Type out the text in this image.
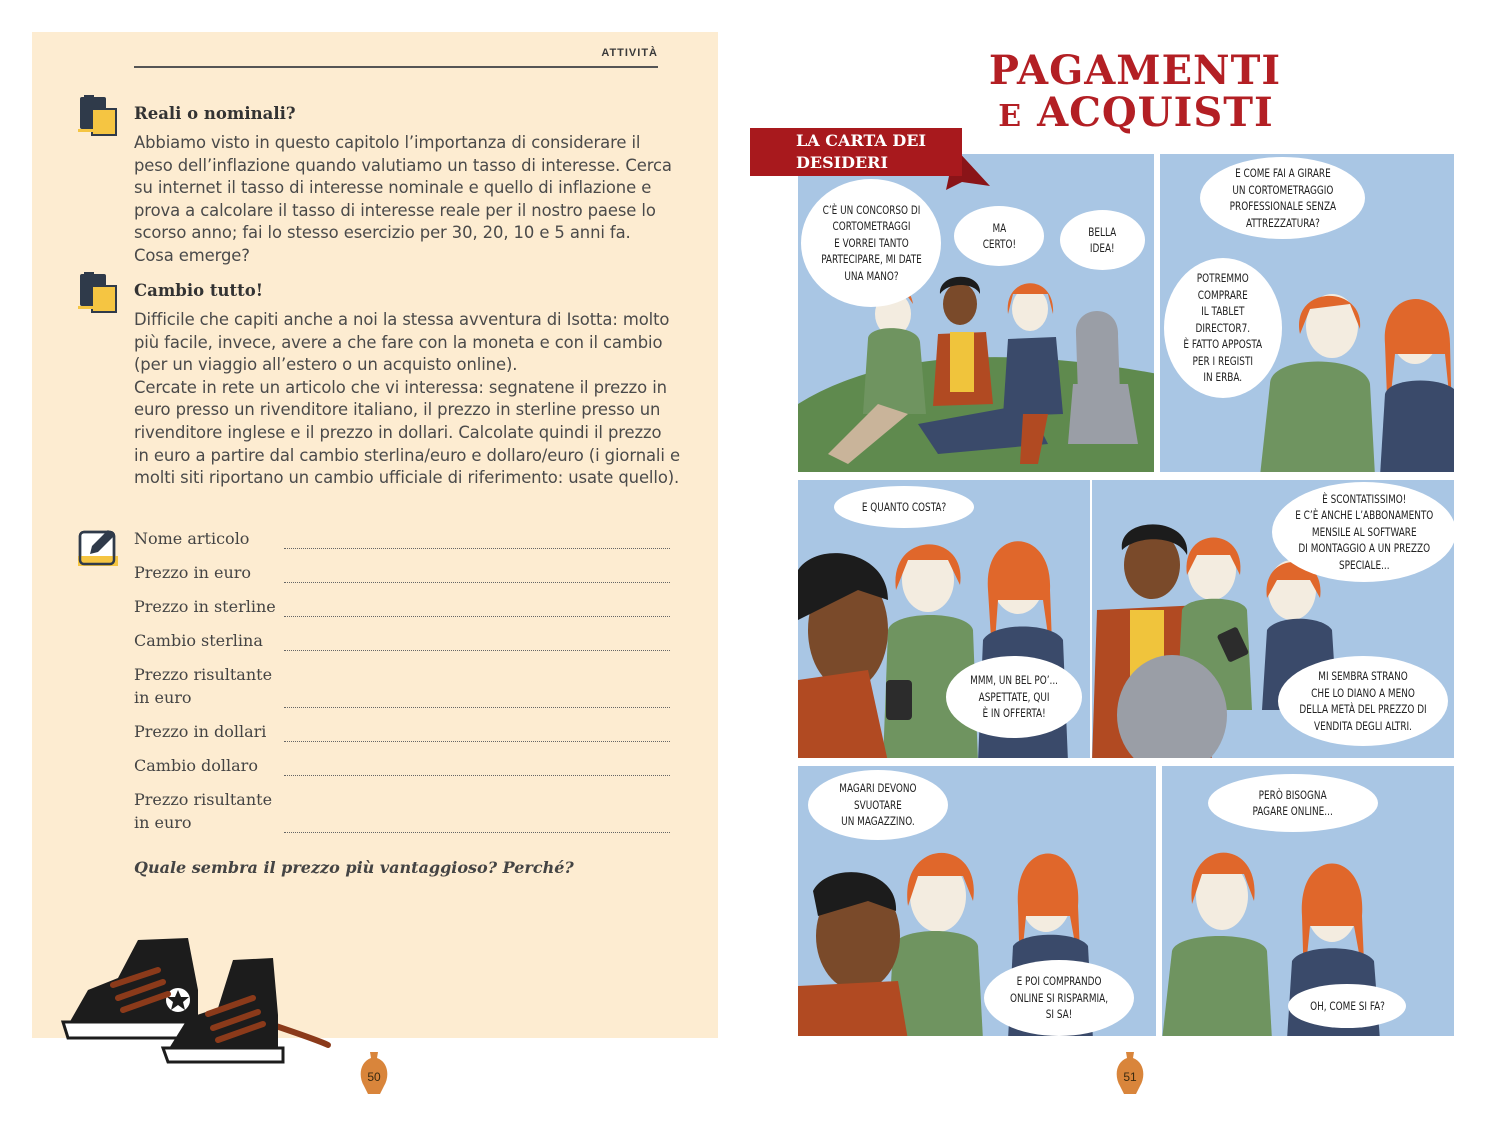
ATTIVITÀ
Reali o nominali?
Abbiamo visto in questo capitolo l’importanza di considerare il
peso dell’inflazione quando valutiamo un tasso di interesse. Cerca
su internet il tasso di interesse nominale e quello di inflazione e
prova a calcolare il tasso di interesse reale per il nostro paese lo
scorso anno; fai lo stesso esercizio per 30, 20, 10 e 5 anni fa.
Cosa emerge?
Cambio tutto!
Difficile che capiti anche a noi la stessa avventura di Isotta: molto
più facile, invece, avere a che fare con la moneta e con il cambio
(per un viaggio all’estero o un acquisto online).
Cercate in rete un articolo che vi interessa: segnatene il prezzo in
euro presso un rivenditore italiano, il prezzo in sterline presso un
rivenditore inglese e il prezzo in dollari. Calcolate quindi il prezzo
in euro a partire dal cambio sterlina/euro e dollaro/euro (i giornali e
molti siti riportano un cambio ufficiale di riferimento: usate quello).
Nome articolo
Prezzo in euro
Prezzo in sterline
Cambio sterlina
Prezzo risultante
in euro
Prezzo in dollari
Cambio dollaro
Prezzo risultante
in euro
Quale sembra il prezzo più vantaggioso? Perché?
50
PAGAMENTI
E ACQUISTI
C’È UN CONCORSO DI
CORTOMETRAGGI
E VORREI TANTO
PARTECIPARE, MI DATE
UNA MANO?
MA
CERTO!
BELLA
IDEA!
E COME FAI A GIRARE
UN CORTOMETRAGGIO
PROFESSIONALE SENZA
ATTREZZATURA?
POTREMMO
COMPRARE
IL TABLET
DIRECTOR7.
È FATTO APPOSTA
PER I REGISTI
IN ERBA.
E QUANTO COSTA?
MMM, UN BEL PO’...
ASPETTATE, QUI
È IN OFFERTA!
È SCONTATISSIMO!
E C’È ANCHE L’ABBONAMENTO
MENSILE AL SOFTWARE
DI MONTAGGIO A UN PREZZO
SPECIALE...
MI SEMBRA STRANO
CHE LO DIANO A MENO
DELLA METÀ DEL PREZZO DI
VENDITA DEGLI ALTRI.
MAGARI DEVONO
SVUOTARE
UN MAGAZZINO.
E POI COMPRANDO
ONLINE SI RISPARMIA,
SI SA!
PERÒ BISOGNA
PAGARE ONLINE...
OH, COME SI FA?
LA CARTA DEI
DESIDERI
51
